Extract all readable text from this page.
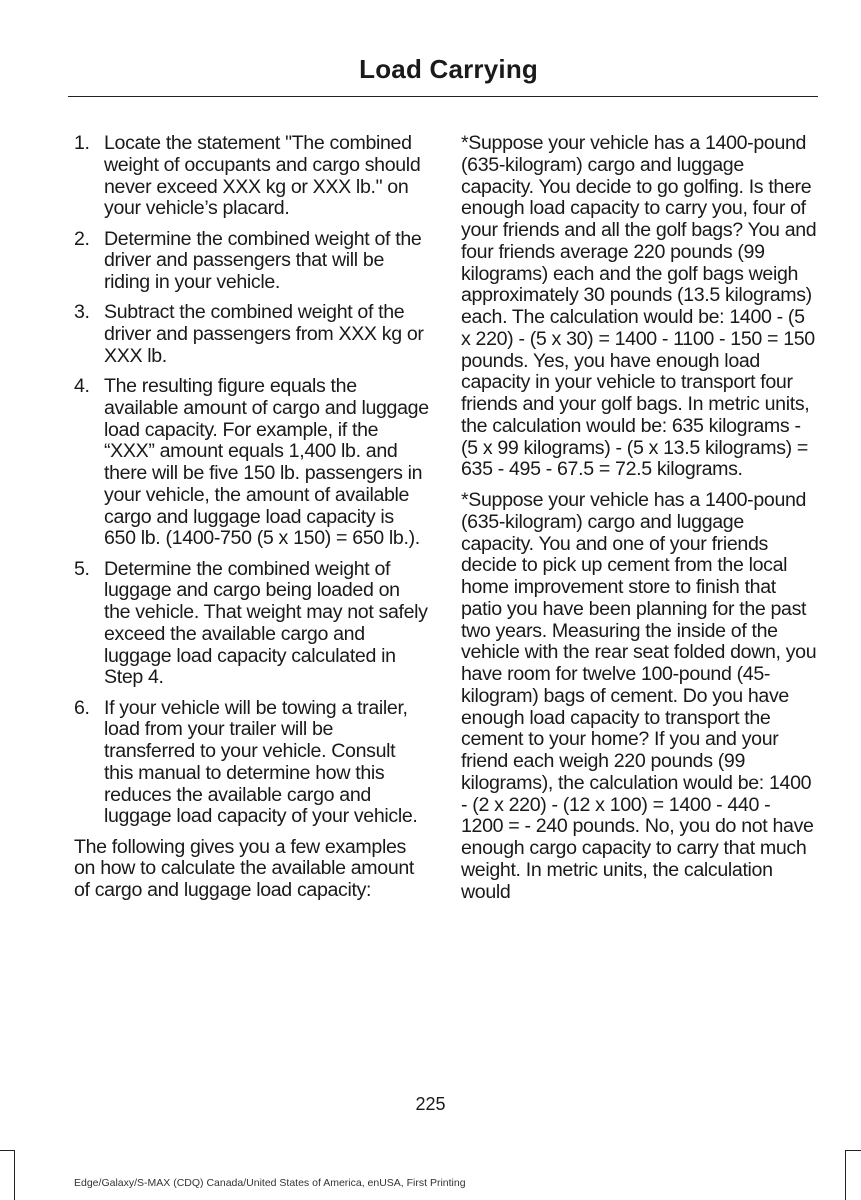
Load Carrying
1. Locate the statement "The combined weight of occupants and cargo should never exceed XXX kg or XXX lb." on your vehicle’s placard.
2. Determine the combined weight of the driver and passengers that will be riding in your vehicle.
3. Subtract the combined weight of the driver and passengers from XXX kg or XXX lb.
4. The resulting figure equals the available amount of cargo and luggage load capacity. For example, if the “XXX” amount equals 1,400 lb. and there will be five 150 lb. passengers in your vehicle, the amount of available cargo and luggage load capacity is 650 lb. (1400-750 (5 x 150) = 650 lb.).
5. Determine the combined weight of luggage and cargo being loaded on the vehicle. That weight may not safely exceed the available cargo and luggage load capacity calculated in Step 4.
6. If your vehicle will be towing a trailer, load from your trailer will be transferred to your vehicle. Consult this manual to determine how this reduces the available cargo and luggage load capacity of your vehicle.

The following gives you a few examples on how to calculate the available amount of cargo and luggage load capacity:

*Suppose your vehicle has a 1400-pound (635-kilogram) cargo and luggage capacity. You decide to go golfing. Is there enough load capacity to carry you, four of your friends and all the golf bags? You and four friends average 220 pounds (99 kilograms) each and the golf bags weigh approximately 30 pounds (13.5 kilograms) each. The calculation would be: 1400 - (5 x 220) - (5 x 30) = 1400 - 1100 - 150 = 150 pounds. Yes, you have enough load capacity in your vehicle to transport four friends and your golf bags. In metric units, the calculation would be: 635 kilograms - (5 x 99 kilograms) - (5 x 13.5 kilograms) = 635 - 495 - 67.5 = 72.5 kilograms.

*Suppose your vehicle has a 1400-pound (635-kilogram) cargo and luggage capacity. You and one of your friends decide to pick up cement from the local home improvement store to finish that patio you have been planning for the past two years. Measuring the inside of the vehicle with the rear seat folded down, you have room for twelve 100-pound (45-kilogram) bags of cement. Do you have enough load capacity to transport the cement to your home? If you and your friend each weigh 220 pounds (99 kilograms), the calculation would be: 1400 - (2 x 220) - (12 x 100) = 1400 - 440 - 1200 = - 240 pounds. No, you do not have enough cargo capacity to carry that much weight. In metric units, the calculation would

225
Edge/Galaxy/S-MAX (CDQ) Canada/United States of America, enUSA, First Printing
